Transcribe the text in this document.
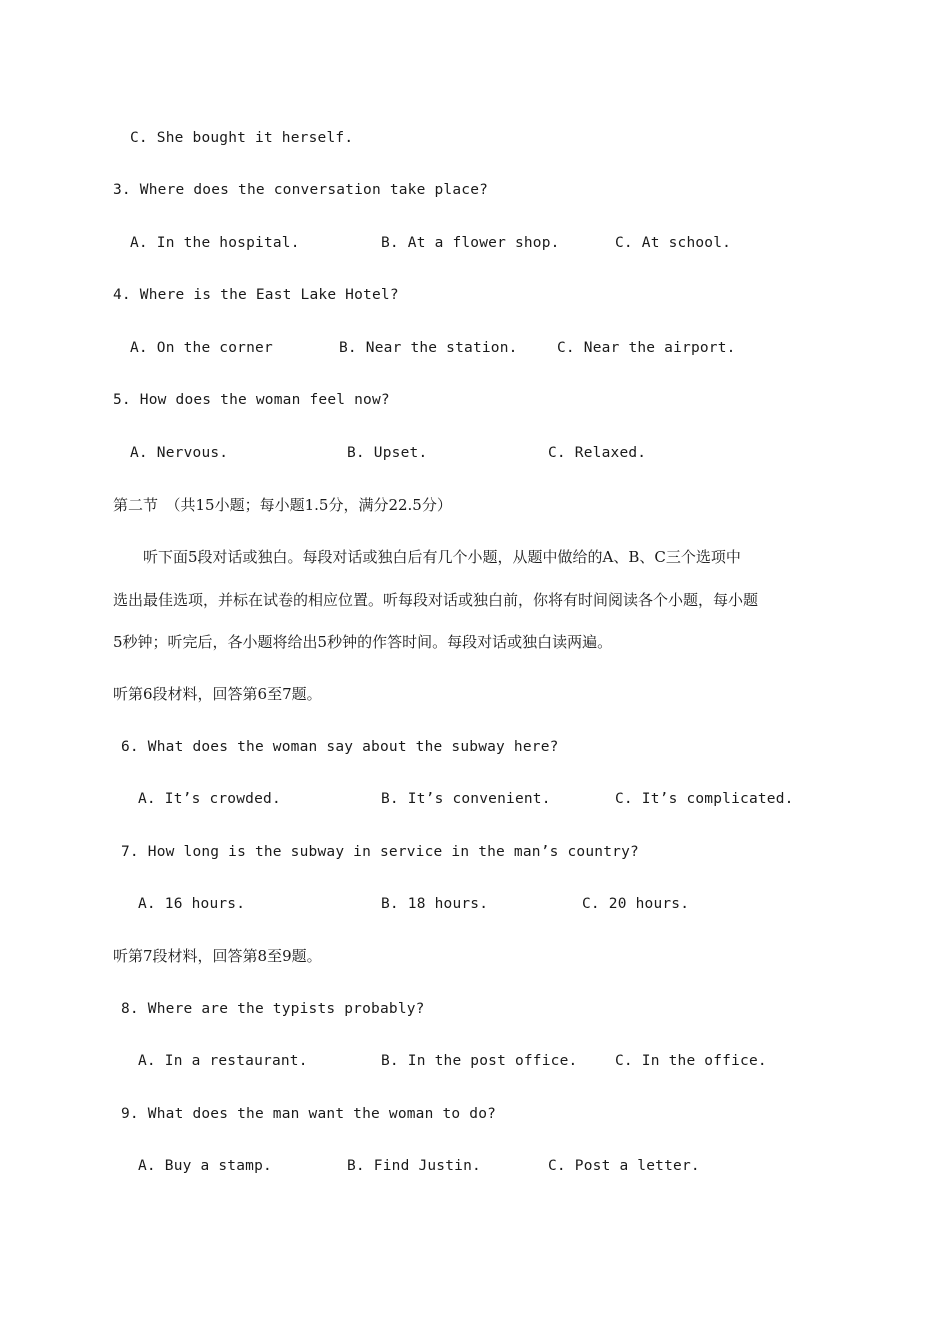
C. She bought it herself.
3. Where does the conversation take place?
A. In the hospital.	B. At a flower shop.	C. At school.
4. Where is the East Lake Hotel?
A. On the corner	B. Near the station.	C. Near the airport.
5. How does the woman feel now?
A. Nervous.	B. Upset.	C. Relaxed.
第二节　（共15小题；每小题1.5分，满分22.5分）
　　听下面5段对话或独白。每段对话或独白后有几个小题，从题中做给的A、B、C三个选项中
选出最佳选项，并标在试卷的相应位置。听每段对话或独白前，你将有时间阅读各个小题，每小题
5秒钟；听完后，各小题将给出5秒钟的作答时间。每段对话或独白读两遍。
听第6段材料，回答第6至7题。
6. What does the woman say about the subway here?
A. It’s crowded.	B. It’s convenient.	C. It’s complicated.
7. How long is the subway in service in the man’s country?
A. 16 hours.	B. 18 hours.	C. 20 hours.
听第7段材料，回答第8至9题。
8. Where are the typists probably?
A. In a restaurant.	B. In the post office.	C. In the office.
9. What does the man want the woman to do?
A. Buy a stamp.	B. Find Justin.	C. Post a letter.
